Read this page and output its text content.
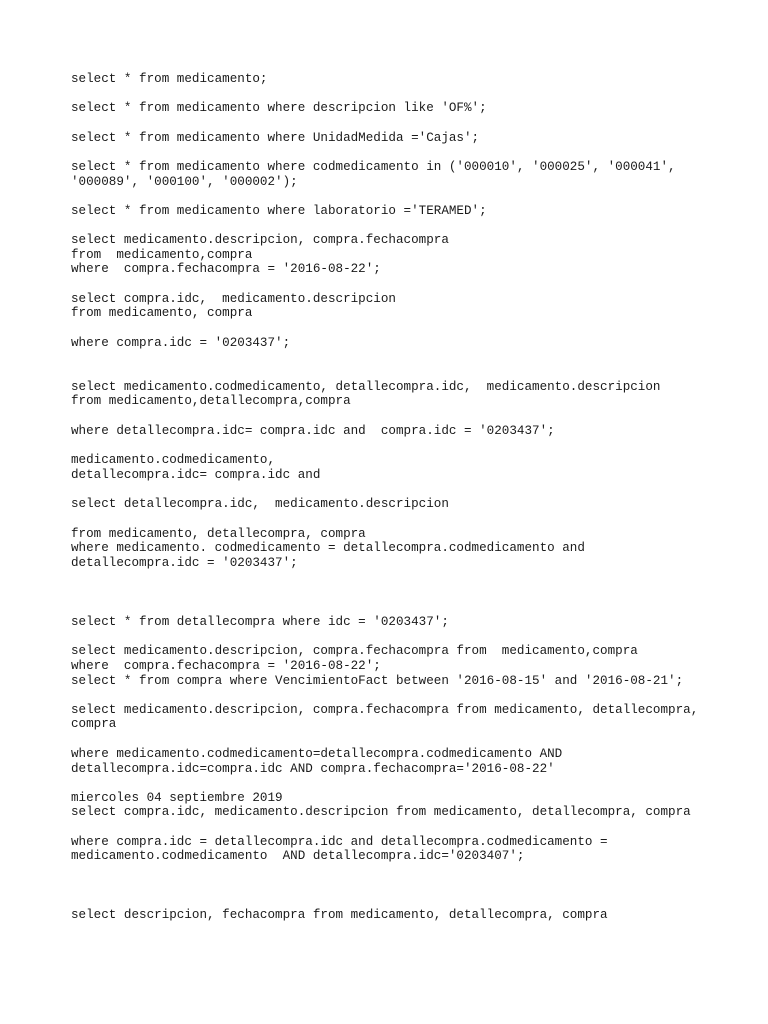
select * from medicamento;

select * from medicamento where descripcion like 'OF%';

select * from medicamento where UnidadMedida ='Cajas';

select * from medicamento where codmedicamento in ('000010', '000025', '000041',

'000089', '000100', '000002');

select * from medicamento where laboratorio ='TERAMED';

select medicamento.descripcion, compra.fechacompra

from  medicamento,compra

where  compra.fechacompra = '2016-08-22';

select compra.idc,  medicamento.descripcion

from medicamento, compra

where compra.idc = '0203437';

select medicamento.codmedicamento, detallecompra.idc,  medicamento.descripcion

from medicamento,detallecompra,compra

where detallecompra.idc= compra.idc and  compra.idc = '0203437';

medicamento.codmedicamento,

detallecompra.idc= compra.idc and

select detallecompra.idc,  medicamento.descripcion

from medicamento, detallecompra, compra

where medicamento. codmedicamento = detallecompra.codmedicamento and

detallecompra.idc = '0203437';

select * from detallecompra where idc = '0203437';

select medicamento.descripcion, compra.fechacompra from  medicamento,compra

where  compra.fechacompra = '2016-08-22';

select * from compra where VencimientoFact between '2016-08-15' and '2016-08-21';

select medicamento.descripcion, compra.fechacompra from medicamento, detallecompra,

compra

where medicamento.codmedicamento=detallecompra.codmedicamento AND

detallecompra.idc=compra.idc AND compra.fechacompra='2016-08-22'

miercoles 04 septiembre 2019

select compra.idc, medicamento.descripcion from medicamento, detallecompra, compra

where compra.idc = detallecompra.idc and detallecompra.codmedicamento =

medicamento.codmedicamento  AND detallecompra.idc='0203407';

select descripcion, fechacompra from medicamento, detallecompra, compra
